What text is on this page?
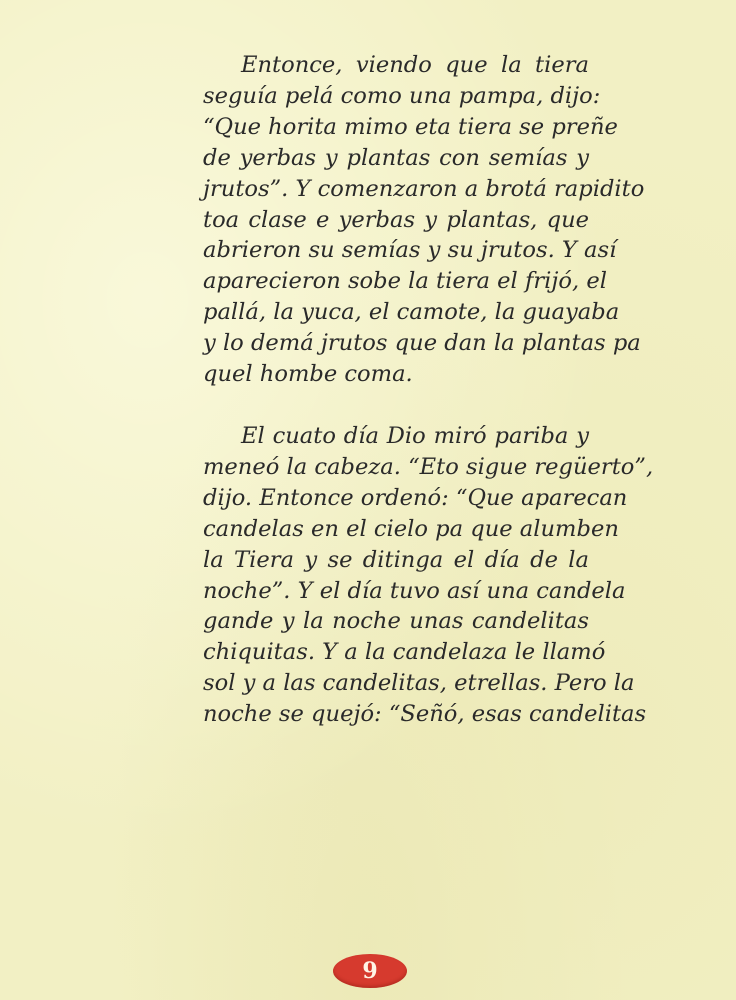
Entonce, viendo que la tiera
seguía pelá como una pampa, dijo:
“Que horita mimo eta tiera se preñe
de yerbas y plantas con semías y
jrutos”. Y comenzaron a brotá rapidito
toa clase e yerbas y plantas, que
abrieron su semías y su jrutos. Y así
aparecieron sobe la tiera el frijó, el
pallá, la yuca, el camote, la guayaba
y lo demá jrutos que dan la plantas pa
quel hombe coma.

El cuato día Dio miró pariba y
meneó la cabeza. “Eto sigue regüerto”,
dijo. Entonce ordenó: “Que aparecan
candelas en el cielo pa que alumben
la Tiera y se ditinga el día de la
noche”. Y el día tuvo así una candela
gande y la noche unas candelitas
chiquitas. Y a la candelaza le llamó
sol y a las candelitas, etrellas. Pero la
noche se quejó: “Señó, esas candelitas

9
